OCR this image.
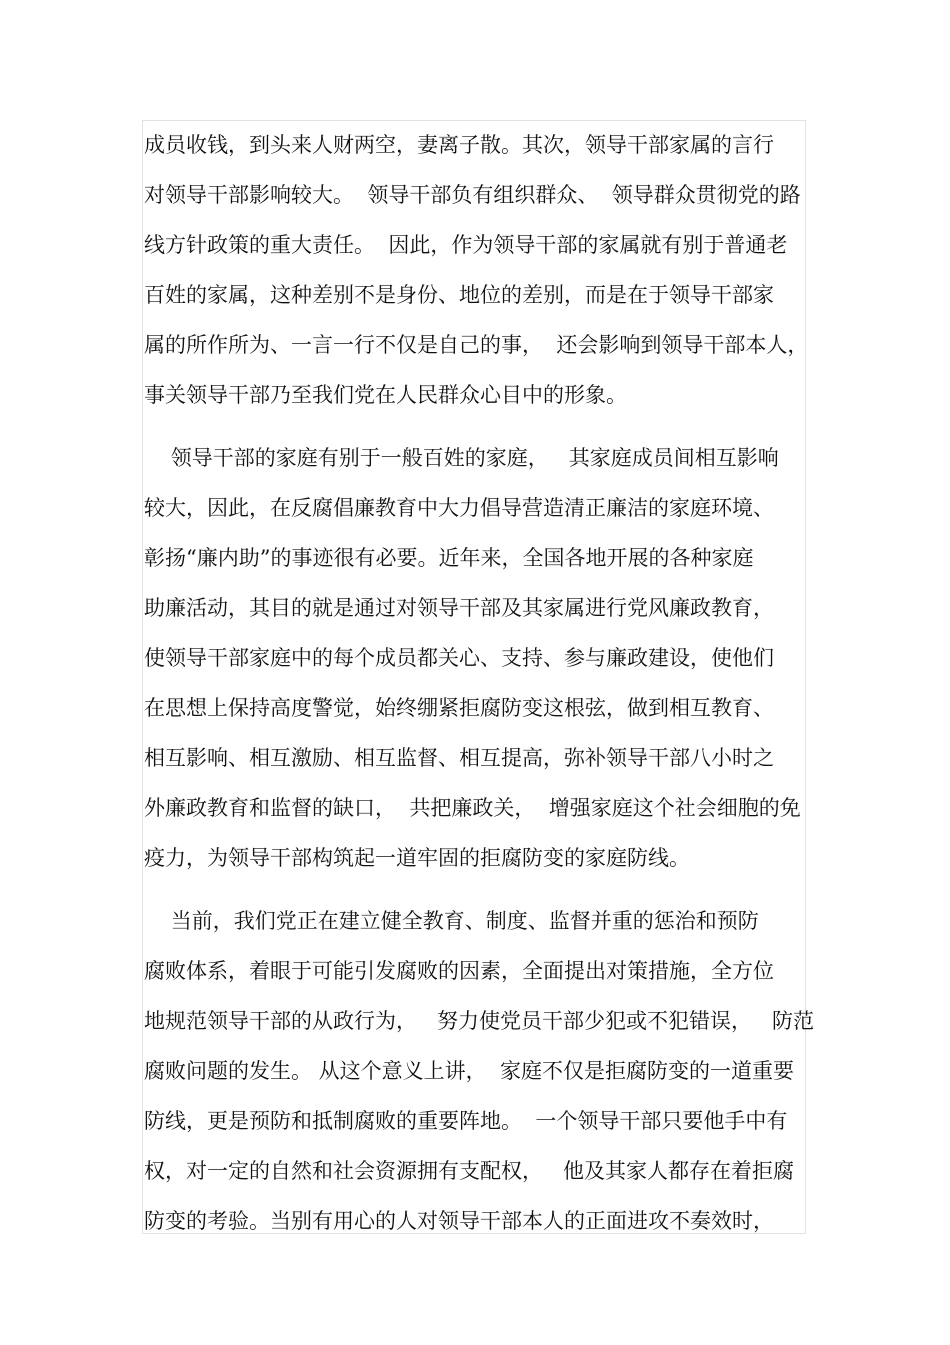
成员收钱，到头来人财两空，妻离子散。其次，领导干部家属的言行
对领导干部影响较大。  领导干部负有组织群众、  领导群众贯彻党的路
线方针政策的重大责任。  因此，作为领导干部的家属就有别于普通老
百姓的家属，这种差别不是身份、地位的差别，而是在于领导干部家
属的所作所为、一言一行不仅是自己的事，  还会影响到领导干部本人，
事关领导干部乃至我们党在人民群众心目中的形象。
领导干部的家庭有别于一般百姓的家庭，   其家庭成员间相互影响
较大，因此，在反腐倡廉教育中大力倡导营造清正廉洁的家庭环境、
彰扬“廉内助”的事迹很有必要。近年来，全国各地开展的各种家庭
助廉活动，其目的就是通过对领导干部及其家属进行党风廉政教育，
使领导干部家庭中的每个成员都关心、支持、参与廉政建设，使他们
在思想上保持高度警觉，始终绷紧拒腐防变这根弦，做到相互教育、
相互影响、相互激励、相互监督、相互提高，弥补领导干部八小时之
外廉政教育和监督的缺口，  共把廉政关，  增强家庭这个社会细胞的免
疫力，为领导干部构筑起一道牢固的拒腐防变的家庭防线。
当前，我们党正在建立健全教育、制度、监督并重的惩治和预防
腐败体系，着眼于可能引发腐败的因素，全面提出对策措施，全方位
地规范领导干部的从政行为，   努力使党员干部少犯或不犯错误，   防范
腐败问题的发生。 从这个意义上讲，  家庭不仅是拒腐防变的一道重要
防线，更是预防和抵制腐败的重要阵地。  一个领导干部只要他手中有
权，对一定的自然和社会资源拥有支配权，   他及其家人都存在着拒腐
防变的考验。当别有用心的人对领导干部本人的正面进攻不奏效时，
